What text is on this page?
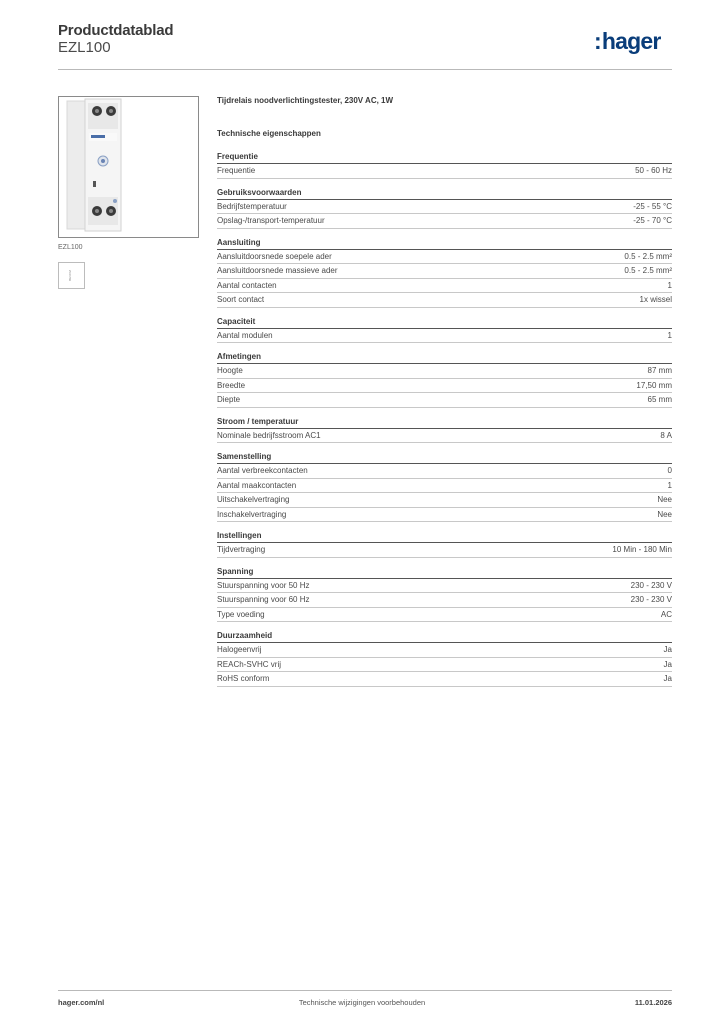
Productdatablad
EZL100	:hager
EZL100
BEVCM
Tijdrelais noodverlichtingstester, 230V AC, 1W
Technische eigenschappen
Frequentie
Frequentie	50 - 60 Hz
Gebruiksvoorwaarden
Bedrijfstemperatuur	-25 - 55 °C
Opslag-/transport-temperatuur	-25 - 70 °C
Aansluiting
Aansluitdoorsnede soepele ader	0.5 - 2.5 mm²
Aansluitdoorsnede massieve ader	0.5 - 2.5 mm²
Aantal contacten	1
Soort contact	1x wissel
Capaciteit
Aantal modulen	1
Afmetingen
Hoogte	87 mm
Breedte	17,50 mm
Diepte	65 mm
Stroom / temperatuur
Nominale bedrijfsstroom AC1	8 A
Samenstelling
Aantal verbreekcontacten	0
Aantal maakcontacten	1
Uitschakelvertraging	Nee
Inschakelvertraging	Nee
Instellingen
Tijdvertraging	10 Min - 180 Min
Spanning
Stuurspanning voor 50 Hz	230 - 230 V
Stuurspanning voor 60 Hz	230 - 230 V
Type voeding	AC
Duurzaamheid
Halogeenvrij	Ja
REACh-SVHC vrij	Ja
RoHS conform	Ja
hager.com/nl	Technische wijzigingen voorbehouden	11.01.2026
